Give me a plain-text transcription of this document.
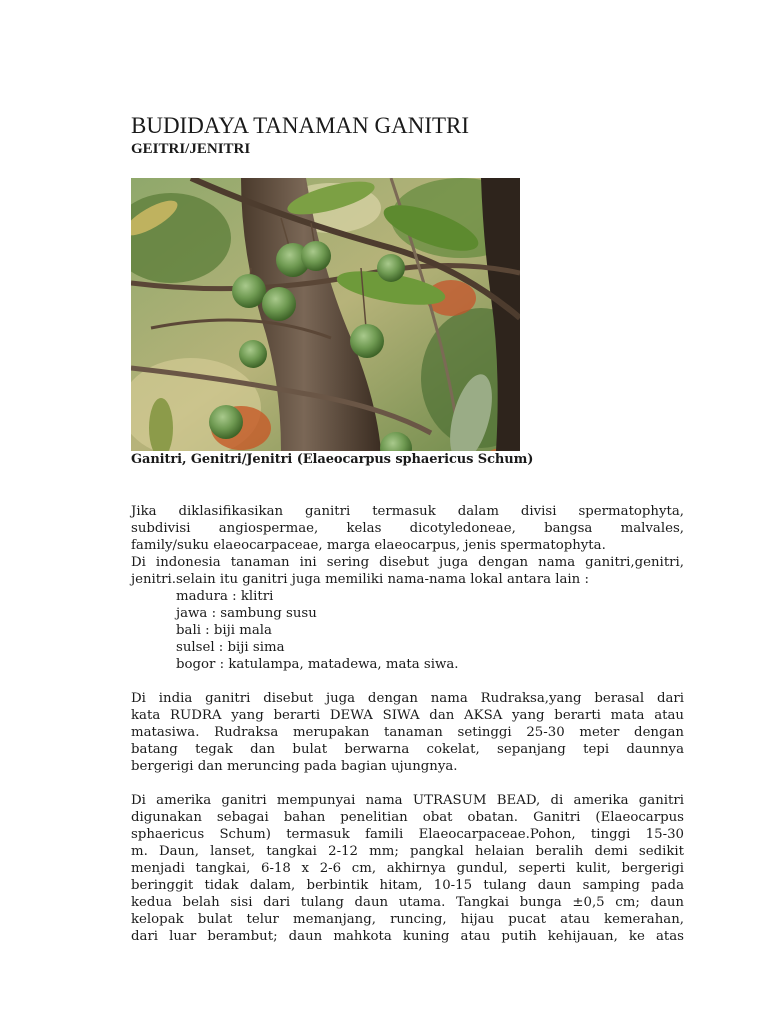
BUDIDAYA TANAMAN GANITRI
GEITRI/JENITRI
Ganitri, Genitri/Jenitri (Elaeocarpus sphaericus Schum)
Jika diklasifikasikan ganitri termasuk dalam divisi spermatophyta,
subdivisi angiospermae, kelas dicotyledoneae, bangsa malvales,
family/suku elaeocarpaceae, marga elaeocarpus, jenis spermatophyta.
Di indonesia tanaman ini sering disebut juga dengan nama ganitri,genitri,
jenitri.selain itu ganitri juga memiliki nama-nama lokal antara lain :
madura : klitri
jawa : sambung susu
bali : biji mala
sulsel : biji sima
bogor : katulampa, matadewa, mata siwa.
Di india ganitri disebut juga dengan nama Rudraksa,yang berasal dari
kata RUDRA yang berarti DEWA SIWA dan AKSA yang berarti mata atau
matasiwa. Rudraksa merupakan tanaman setinggi 25-30 meter dengan
batang tegak dan bulat berwarna cokelat, sepanjang tepi daunnya
bergerigi dan meruncing pada bagian ujungnya.
Di amerika ganitri mempunyai nama UTRASUM BEAD, di amerika ganitri
digunakan sebagai bahan penelitian obat obatan. Ganitri (Elaeocarpus
sphaericus Schum) termasuk famili Elaeocarpaceae.Pohon, tinggi 15-30
m. Daun, lanset, tangkai 2-12 mm; pangkal helaian beralih demi sedikit
menjadi tangkai, 6-18 x 2-6 cm, akhirnya gundul, seperti kulit, bergerigi
beringgit tidak dalam, berbintik hitam, 10-15 tulang daun samping pada
kedua belah sisi dari tulang daun utama. Tangkai bunga ±0,5 cm; daun
kelopak bulat telur memanjang, runcing, hijau pucat atau kemerahan,
dari luar berambut; daun mahkota kuning atau putih kehijauan, ke atas
